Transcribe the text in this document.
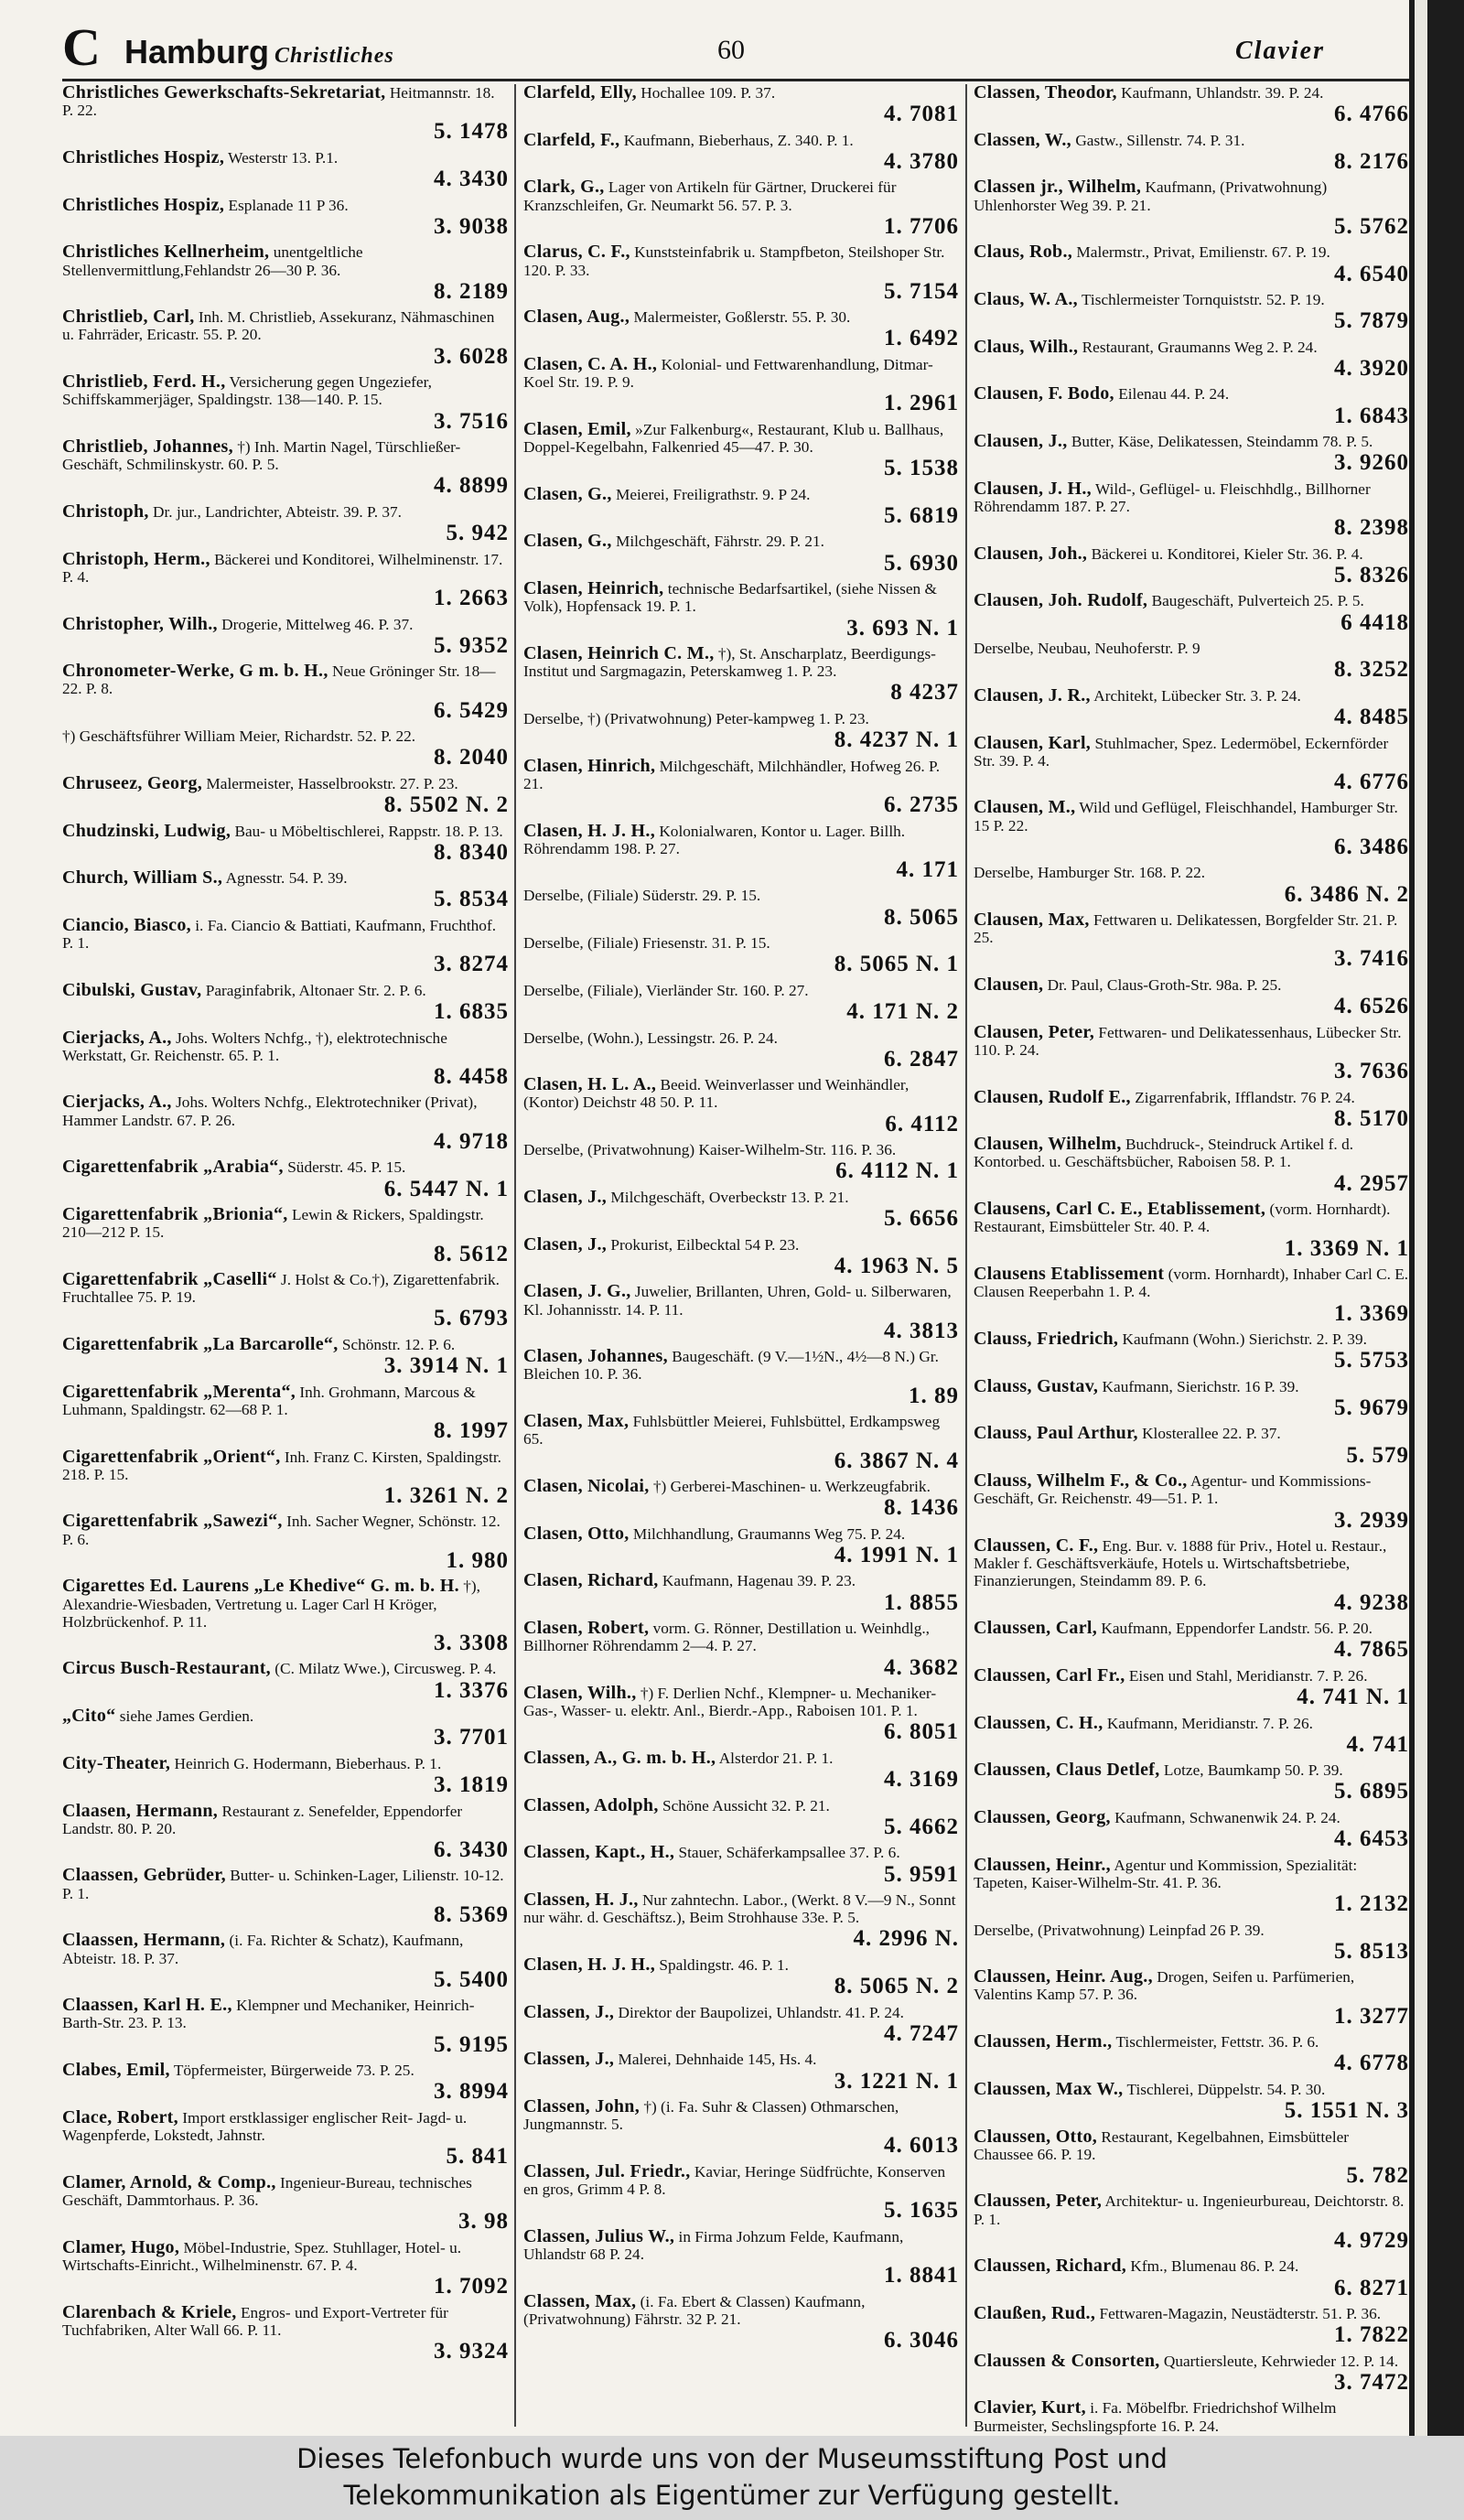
C Hamburg Christliches	60	Clavier
Christliches Gewerkschafts-Sekretariat, Heitmannstr. 18. P. 22.
5. 1478
Christliches Hospiz, Westerstr 13. P.1.
4. 3430
Christliches Hospiz, Esplanade 11 P 36.
3. 9038
Christliches Kellnerheim, unentgeltliche Stellenvermittlung,Fehlandstr 26—30 P. 36.
8. 2189
Christlieb, Carl, Inh. M. Christlieb, Assekuranz, Nähmaschinen u. Fahrräder, Ericastr. 55. P. 20.
3. 6028
Christlieb, Ferd. H., Versicherung gegen Ungeziefer, Schiffskammerjäger, Spaldingstr. 138—140. P. 15.
3. 7516
Christlieb, Johannes, †) Inh. Martin Nagel, Türschließer-Geschäft, Schmilinskystr. 60. P. 5.
4. 8899
Christoph, Dr. jur., Landrichter, Abteistr. 39. P. 37.
5. 942
Christoph, Herm., Bäckerei und Konditorei, Wilhelminenstr. 17. P. 4.
1. 2663
Christopher, Wilh., Drogerie, Mittelweg 46. P. 37.
5. 9352
Chronometer-Werke, G m. b. H., Neue Gröninger Str. 18—22. P. 8.
6. 5429
†) Geschäftsführer William Meier, Richardstr. 52. P. 22.
8. 2040
Chruseez, Georg, Malermeister, Hasselbrookstr. 27. P. 23.
8. 5502 N. 2
Chudzinski, Ludwig, Bau- u Möbeltischlerei, Rappstr. 18. P. 13.
8. 8340
Church, William S., Agnesstr. 54. P. 39.
5. 8534
Ciancio, Biasco, i. Fa. Ciancio & Battiati, Kaufmann, Fruchthof. P. 1.
3. 8274
Cibulski, Gustav, Paraginfabrik, Altonaer Str. 2. P. 6.
1. 6835
Cierjacks, A., Johs. Wolters Nchfg., †), elektrotechnische Werkstatt, Gr. Reichenstr. 65. P. 1.
8. 4458
Cierjacks, A., Johs. Wolters Nchfg., Elektrotechniker (Privat), Hammer Landstr. 67. P. 26.
4. 9718
Cigarettenfabrik „Arabia“, Süderstr. 45. P. 15.
6. 5447 N. 1
Cigarettenfabrik „Brionia“, Lewin & Rickers, Spaldingstr. 210—212 P. 15.
8. 5612
Cigarettenfabrik „Caselli“ J. Holst & Co.†), Zigarettenfabrik. Fruchtallee 75. P. 19.
5. 6793
Cigarettenfabrik „La Barcarolle“, Schönstr. 12. P. 6.
3. 3914 N. 1
Cigarettenfabrik „Merenta“, Inh. Grohmann, Marcous & Luhmann, Spaldingstr. 62—68 P. 1.
8. 1997
Cigarettenfabrik „Orient“, Inh. Franz C. Kirsten, Spaldingstr. 218. P. 15.
1. 3261 N. 2
Cigarettenfabrik „Sawezi“, Inh. Sacher Wegner, Schönstr. 12. P. 6.
1. 980
Cigarettes Ed. Laurens „Le Khedive“ G. m. b. H. †), Alexandrie-Wiesbaden, Vertretung u. Lager Carl H Kröger, Holzbrückenhof. P. 11.
3. 3308
Circus Busch-Restaurant, (C. Milatz Wwe.), Circusweg. P. 4.
1. 3376
„Cito“ siehe James Gerdien.
3. 7701
City-Theater, Heinrich G. Hodermann, Bieberhaus. P. 1.
3. 1819
Claasen, Hermann, Restaurant z. Senefelder, Eppendorfer Landstr. 80. P. 20.
6. 3430
Claassen, Gebrüder, Butter- u. Schinken-Lager, Lilienstr. 10-12. P. 1.
8. 5369
Claassen, Hermann, (i. Fa. Richter & Schatz), Kaufmann, Abteistr. 18. P. 37.
5. 5400
Claassen, Karl H. E., Klempner und Mechaniker, Heinrich-Barth-Str. 23. P. 13.
5. 9195
Clabes, Emil, Töpfermeister, Bürgerweide 73. P. 25.
3. 8994
Clace, Robert, Import erstklassiger englischer Reit- Jagd- u. Wagenpferde, Lokstedt, Jahnstr.
5. 841
Clamer, Arnold, & Comp., Ingenieur-Bureau, technisches Geschäft, Dammtorhaus. P. 36.
3. 98
Clamer, Hugo, Möbel-Industrie, Spez. Stuhllager, Hotel- u. Wirtschafts-Einricht., Wilhelminenstr. 67. P. 4.
1. 7092
Clarenbach & Kriele, Engros- und Export-Vertreter für Tuchfabriken, Alter Wall 66. P. 11.
3. 9324
Clarfeld, Elly, Hochallee 109. P. 37.
4. 7081
Clarfeld, F., Kaufmann, Bieberhaus, Z. 340. P. 1.
4. 3780
Clark, G., Lager von Artikeln für Gärtner, Druckerei für Kranzschleifen, Gr. Neumarkt 56. 57. P. 3.
1. 7706
Clarus, C. F., Kunststeinfabrik u. Stampfbeton, Steilshoper Str. 120. P. 33.
5. 7154
Clasen, Aug., Malermeister, Goßlerstr. 55. P. 30.
1. 6492
Clasen, C. A. H., Kolonial- und Fettwarenhandlung, Ditmar-Koel Str. 19. P. 9.
1. 2961
Clasen, Emil, »Zur Falkenburg«, Restaurant, Klub u. Ballhaus, Doppel-Kegelbahn, Falkenried 45—47. P. 30.
5. 1538
Clasen, G., Meierei, Freiligrathstr. 9. P 24.
5. 6819
Clasen, G., Milchgeschäft, Fährstr. 29. P. 21.
5. 6930
Clasen, Heinrich, technische Bedarfsartikel, (siehe Nissen & Volk), Hopfensack 19. P. 1.
3. 693 N. 1
Clasen, Heinrich C. M., †), St. Anscharplatz, Beerdigungs-Institut und Sargmagazin, Peterskamweg 1. P. 23.
8 4237
Derselbe, †) (Privatwohnung) Peter-kampweg 1. P. 23.
8. 4237 N. 1
Clasen, Hinrich, Milchgeschäft, Milchhändler, Hofweg 26. P. 21.
6. 2735
Clasen, H. J. H., Kolonialwaren, Kontor u. Lager. Billh. Röhrendamm 198. P. 27.
4. 171
Derselbe, (Filiale) Süderstr. 29. P. 15.
8. 5065
Derselbe, (Filiale) Friesenstr. 31. P. 15.
8. 5065 N. 1
Derselbe, (Filiale), Vierländer Str. 160. P. 27.
4. 171 N. 2
Derselbe, (Wohn.), Lessingstr. 26. P. 24.
6. 2847
Clasen, H. L. A., Beeid. Weinverlasser und Weinhändler, (Kontor) Deichstr 48 50. P. 11.
6. 4112
Derselbe, (Privatwohnung) Kaiser-Wilhelm-Str. 116. P. 36.
6. 4112 N. 1
Clasen, J., Milchgeschäft, Overbeckstr 13. P. 21.
5. 6656
Clasen, J., Prokurist, Eilbecktal 54 P. 23.
4. 1963 N. 5
Clasen, J. G., Juwelier, Brillanten, Uhren, Gold- u. Silberwaren, Kl. Johannisstr. 14. P. 11.
4. 3813
Clasen, Johannes, Baugeschäft. (9 V.—1½N., 4½—8 N.) Gr. Bleichen 10. P. 36.
1. 89
Clasen, Max, Fuhlsbüttler Meierei, Fuhlsbüttel, Erdkampsweg 65.
6. 3867 N. 4
Clasen, Nicolai, †) Gerberei-Maschinen- u. Werkzeugfabrik.
8. 1436
Clasen, Otto, Milchhandlung, Graumanns Weg 75. P. 24.
4. 1991 N. 1
Clasen, Richard, Kaufmann, Hagenau 39. P. 23.
1. 8855
Clasen, Robert, vorm. G. Rönner, Destillation u. Weinhdlg., Billhorner Röhrendamm 2—4. P. 27.
4. 3682
Clasen, Wilh., †) F. Derlien Nchf., Klempner- u. Mechaniker- Gas-, Wasser- u. elektr. Anl., Bierdr.-App., Raboisen 101. P. 1.
6. 8051
Classen, A., G. m. b. H., Alsterdor 21. P. 1.
4. 3169
Classen, Adolph, Schöne Aussicht 32. P. 21.
5. 4662
Classen, Kapt., H., Stauer, Schäferkampsallee 37. P. 6.
5. 9591
Classen, H. J., Nur zahntechn. Labor., (Werkt. 8 V.—9 N., Sonnt nur währ. d. Geschäftsz.), Beim Strohhause 33e. P. 5.
4. 2996 N.
Clasen, H. J. H., Spaldingstr. 46. P. 1.
8. 5065 N. 2
Classen, J., Direktor der Baupolizei, Uhlandstr. 41. P. 24.
4. 7247
Classen, J., Malerei, Dehnhaide 145, Hs. 4.
3. 1221 N. 1
Classen, John, †) (i. Fa. Suhr & Classen) Othmarschen, Jungmannstr. 5.
4. 6013
Classen, Jul. Friedr., Kaviar, Heringe Südfrüchte, Konserven en gros, Grimm 4 P. 8.
5. 1635
Classen, Julius W., in Firma Johzum Felde, Kaufmann, Uhlandstr 68 P. 24.
1. 8841
Classen, Max, (i. Fa. Ebert & Classen) Kaufmann, (Privatwohnung) Fährstr. 32 P. 21.
6. 3046
Classen, Theodor, Kaufmann, Uhlandstr. 39. P. 24.
6. 4766
Classen, W., Gastw., Sillenstr. 74. P. 31.
8. 2176
Classen jr., Wilhelm, Kaufmann, (Privatwohnung) Uhlenhorster Weg 39. P. 21.
5. 5762
Claus, Rob., Malermstr., Privat, Emilienstr. 67. P. 19.
4. 6540
Claus, W. A., Tischlermeister Tornquiststr. 52. P. 19.
5. 7879
Claus, Wilh., Restaurant, Graumanns Weg 2. P. 24.
4. 3920
Clausen, F. Bodo, Eilenau 44. P. 24.
1. 6843
Clausen, J., Butter, Käse, Delikatessen, Steindamm 78. P. 5.
3. 9260
Clausen, J. H., Wild-, Geflügel- u. Fleischhdlg., Billhorner Röhrendamm 187. P. 27.
8. 2398
Clausen, Joh., Bäckerei u. Konditorei, Kieler Str. 36. P. 4.
5. 8326
Clausen, Joh. Rudolf, Baugeschäft, Pulverteich 25. P. 5.
6 4418
Derselbe, Neubau, Neuhoferstr. P. 9
8. 3252
Clausen, J. R., Architekt, Lübecker Str. 3. P. 24.
4. 8485
Clausen, Karl, Stuhlmacher, Spez. Ledermöbel, Eckernförder Str. 39. P. 4.
4. 6776
Clausen, M., Wild und Geflügel, Fleischhandel, Hamburger Str. 15 P. 22.
6. 3486
Derselbe, Hamburger Str. 168. P. 22.
6. 3486 N. 2
Clausen, Max, Fettwaren u. Delikatessen, Borgfelder Str. 21. P. 25.
3. 7416
Clausen, Dr. Paul, Claus-Groth-Str. 98a. P. 25.
4. 6526
Clausen, Peter, Fettwaren- und Delikatessenhaus, Lübecker Str. 110. P. 24.
3. 7636
Clausen, Rudolf E., Zigarrenfabrik, Ifflandstr. 76 P. 24.
8. 5170
Clausen, Wilhelm, Buchdruck-, Steindruck Artikel f. d. Kontorbed. u. Geschäftsbücher, Raboisen 58. P. 1.
4. 2957
Clausens, Carl C. E., Etablissement, (vorm. Hornhardt). Restaurant, Eimsbütteler Str. 40. P. 4.
1. 3369 N. 1
Clausens Etablissement (vorm. Hornhardt), Inhaber Carl C. E. Clausen Reeperbahn 1. P. 4.
1. 3369
Clauss, Friedrich, Kaufmann (Wohn.) Sierichstr. 2. P. 39.
5. 5753
Clauss, Gustav, Kaufmann, Sierichstr. 16 P. 39.
5. 9679
Clauss, Paul Arthur, Klosterallee 22. P. 37.
5. 579
Clauss, Wilhelm F., & Co., Agentur- und Kommissions-Geschäft, Gr. Reichenstr. 49—51. P. 1.
3. 2939
Claussen, C. F., Eng. Bur. v. 1888 für Priv., Hotel u. Restaur., Makler f. Geschäftsverkäufe, Hotels u. Wirtschaftsbetriebe, Finanzierungen, Steindamm 89. P. 6.
4. 9238
Claussen, Carl, Kaufmann, Eppendorfer Landstr. 56. P. 20.
4. 7865
Claussen, Carl Fr., Eisen und Stahl, Meridianstr. 7. P. 26.
4. 741 N. 1
Claussen, C. H., Kaufmann, Meridianstr. 7. P. 26.
4. 741
Claussen, Claus Detlef, Lotze, Baumkamp 50. P. 39.
5. 6895
Claussen, Georg, Kaufmann, Schwanenwik 24. P. 24.
4. 6453
Claussen, Heinr., Agentur und Kommission, Spezialität: Tapeten, Kaiser-Wilhelm-Str. 41. P. 36.
1. 2132
Derselbe, (Privatwohnung) Leinpfad 26 P. 39.
5. 8513
Claussen, Heinr. Aug., Drogen, Seifen u. Parfümerien, Valentins Kamp 57. P. 36.
1. 3277
Claussen, Herm., Tischlermeister, Fettstr. 36. P. 6.
4. 6778
Claussen, Max W., Tischlerei, Düppelstr. 54. P. 30.
5. 1551 N. 3
Claussen, Otto, Restaurant, Kegelbahnen, Eimsbütteler Chaussee 66. P. 19.
5. 782
Claussen, Peter, Architektur- u. Ingenieurbureau, Deichtorstr. 8. P. 1.
4. 9729
Claussen, Richard, Kfm., Blumenau 86. P. 24.
6. 8271
Claußen, Rud., Fettwaren-Magazin, Neustädterstr. 51. P. 36.
1. 7822
Claussen & Consorten, Quartiersleute, Kehrwieder 12. P. 14.
3. 7472
Clavier, Kurt, i. Fa. Möbelfbr. Friedrichshof Wilhelm Burmeister, Sechslingspforte 16. P. 24.
Dieses Telefonbuch wurde uns von der Museumsstiftung Post und
Telekommunikation als Eigentümer zur Verfügung gestellt.
